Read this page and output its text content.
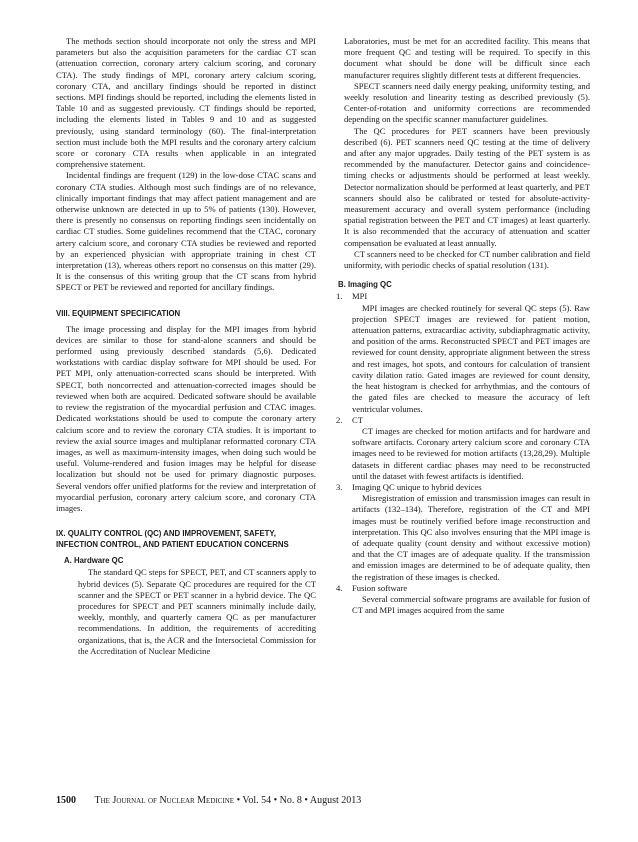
The methods section should incorporate not only the stress and MPI parameters but also the acquisition parameters for the cardiac CT scan (attenuation correction, coronary artery calcium scoring, and coronary CTA). The study findings of MPI, coronary artery calcium scoring, coronary CTA, and ancillary findings should be reported in distinct sections. MPI findings should be reported, including the elements listed in Table 10 and as suggested previously. CT findings should be reported, including the elements listed in Tables 9 and 10 and as suggested previously, using standard terminology (60). The final-interpretation section must include both the MPI results and the coronary artery calcium score or coronary CTA results when applicable in an integrated comprehensive statement.

Incidental findings are frequent (129) in the low-dose CTAC scans and coronary CTA studies. Although most such findings are of no relevance, clinically important findings that may affect patient management and are otherwise unknown are detected in up to 5% of patients (130). However, there is presently no consensus on reporting findings seen incidentally on cardiac CT studies. Some guidelines recommend that the CTAC, coronary artery calcium score, and coronary CTA studies be reviewed and reported by an experienced physician with appropriate training in chest CT interpretation (13), whereas others report no consensus on this matter (29). It is the consensus of this writing group that the CT scans from hybrid SPECT or PET be reviewed and reported for ancillary findings.

VIII. EQUIPMENT SPECIFICATION

The image processing and display for the MPI images from hybrid devices are similar to those for stand-alone scanners and should be performed using previously described standards (5,6). Dedicated workstations with cardiac display software for MPI should be used. For PET MPI, only attenuation-corrected scans should be interpreted. With SPECT, both noncorrected and attenuation-corrected images should be reviewed when both are acquired. Dedicated software should be available to review the registration of the myocardial perfusion and CTAC images. Dedicated workstations should be used to compute the coronary artery calcium score and to review the coronary CTA studies. It is important to review the axial source images and multiplanar reformatted coronary CTA images, as well as maximum-intensity images, when doing such would be useful. Volume-rendered and fusion images may be helpful for disease localization but should not be used for primary diagnostic purposes. Several vendors offer unified platforms for the review and interpretation of myocardial perfusion, coronary artery calcium score, and coronary CTA images.

IX. QUALITY CONTROL (QC) AND IMPROVEMENT, SAFETY, INFECTION CONTROL, AND PATIENT EDUCATION CONCERNS
A. Hardware QC

The standard QC steps for SPECT, PET, and CT scanners apply to hybrid devices (5). Separate QC procedures are required for the CT scanner and the SPECT or PET scanner in a hybrid device. The QC procedures for SPECT and PET scanners minimally include daily, weekly, monthly, and quarterly camera QC as per manufacturer recommendations. In addition, the requirements of accrediting organizations, that is, the ACR and the Intersocietal Commission for the Accreditation of Nuclear Medicine

Laboratories, must be met for an accredited facility. This means that more frequent QC and testing will be required. To specify in this document what should be done will be difficult since each manufacturer requires slightly different tests at different frequencies.

SPECT scanners need daily energy peaking, uniformity testing, and weekly resolution and linearity testing as described previously (5). Center-of-rotation and uniformity corrections are recommended depending on the specific scanner manufacturer guidelines.

The QC procedures for PET scanners have been previously described (6). PET scanners need QC testing at the time of delivery and after any major upgrades. Daily testing of the PET system is as recommended by the manufacturer. Detector gains and coincidence-timing checks or adjustments should be performed at least weekly. Detector normalization should be performed at least quarterly, and PET scanners should also be calibrated or tested for absolute-activity-measurement accuracy and overall system performance (including spatial registration between the PET and CT images) at least quarterly. It is also recommended that the accuracy of attenuation and scatter compensation be evaluated at least annually.

CT scanners need to be checked for CT number calibration and field uniformity, with periodic checks of spatial resolution (131).

B. Imaging QC
1.	MPI

MPI images are checked routinely for several QC steps (5). Raw projection SPECT images are reviewed for patient motion, attenuation patterns, extracardiac activity, subdiaphragmatic activity, and position of the arms. Reconstructed SPECT and PET images are reviewed for count density, appropriate alignment between the stress and rest images, hot spots, and contours for calculation of transient cavity dilation ratio. Gated images are reviewed for count density, the heat histogram is checked for arrhythmias, and the contours of the gated files are checked to measure the accuracy of left ventricular volumes.

2.	CT

CT images are checked for motion artifacts and for hardware and software artifacts. Coronary artery calcium score and coronary CTA images need to be reviewed for motion artifacts (13,28,29). Multiple datasets in different cardiac phases may need to be reconstructed until the dataset with fewest artifacts is identified.

3.	Imaging QC unique to hybrid devices

Misregistration of emission and transmission images can result in artifacts (132–134). Therefore, registration of the CT and MPI images must be routinely verified before image reconstruction and interpretation. This QC also involves ensuring that the MPI image is of adequate quality (count density and without excessive motion) and that the CT images are of adequate quality. If the transmission and emission images are determined to be of adequate quality, then the registration of these images is checked.

4.	Fusion software

Several commercial software programs are available for fusion of CT and MPI images acquired from the same

1500 The Journal of Nuclear Medicine • Vol. 54 • No. 8 • August 2013
